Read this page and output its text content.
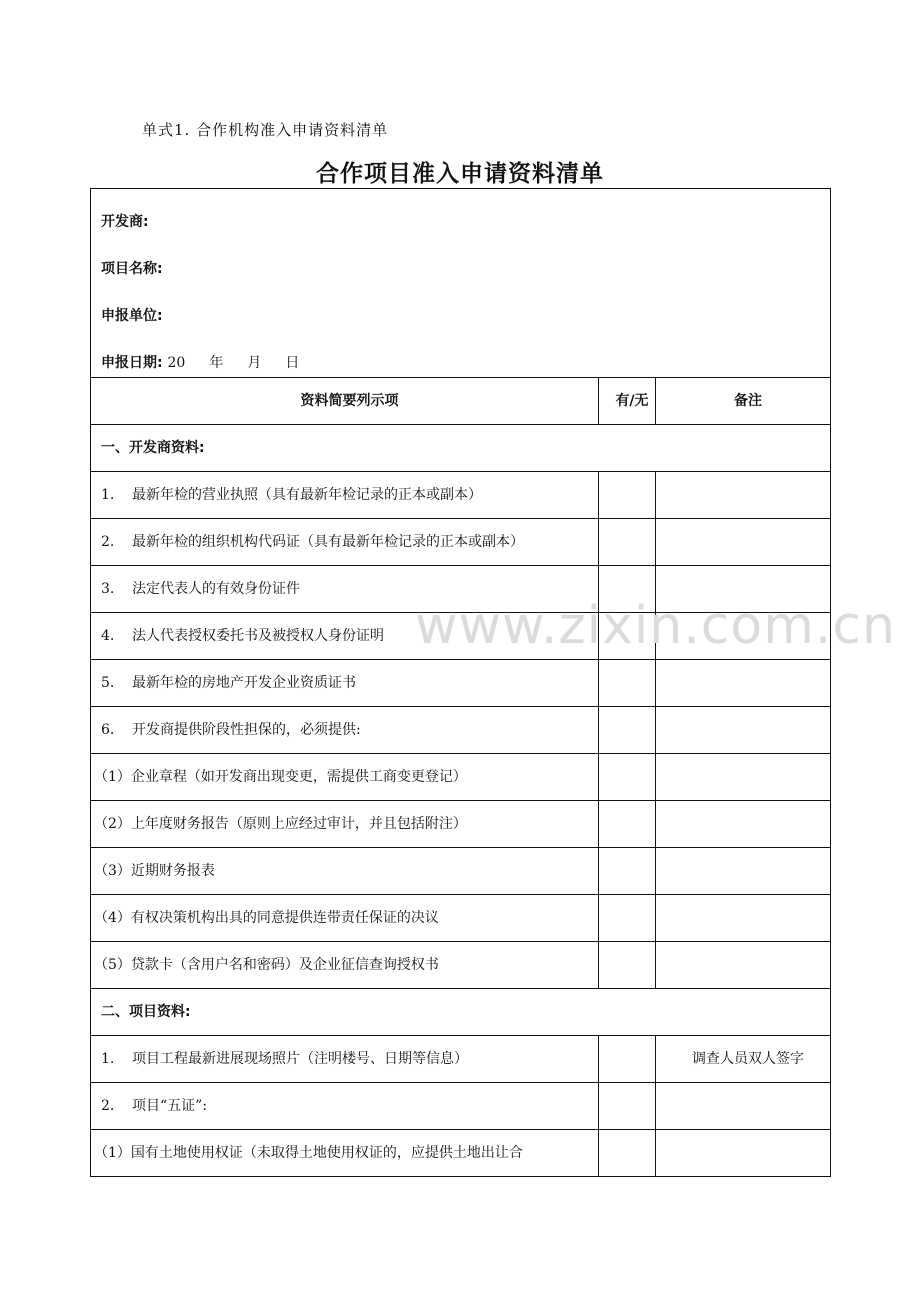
单式1. 合作机构准入申请资料清单
合作项目准入申请资料清单
开发商:
项目名称:
申报单位:
申报日期: 20 年 月 日		

资料简要列示项	有/无	备注
一、开发商资料:		
1. 最新年检的营业执照（具有最新年检记录的正本或副本）		
2. 最新年检的组织机构代码证（具有最新年检记录的正本或副本）		
3. 法定代表人的有效身份证件		
4. 法人代表授权委托书及被授权人身份证明		
5. 最新年检的房地产开发企业资质证书		
6. 开发商提供阶段性担保的，必须提供:		
（1）企业章程（如开发商出现变更，需提供工商变更登记）		
（2）上年度财务报告（原则上应经过审计，并且包括附注）		
（3）近期财务报表		
（4）有权决策机构出具的同意提供连带责任保证的决议		
（5）贷款卡（含用户名和密码）及企业征信查询授权书		
二、项目资料:		
1. 项目工程最新进展现场照片（注明楼号、日期等信息）		调查人员双人签字
2. 项目“五证”:		
（1）国有土地使用权证（未取得土地使用权证的，应提供土地出让合		
www.zixin.com.cn
